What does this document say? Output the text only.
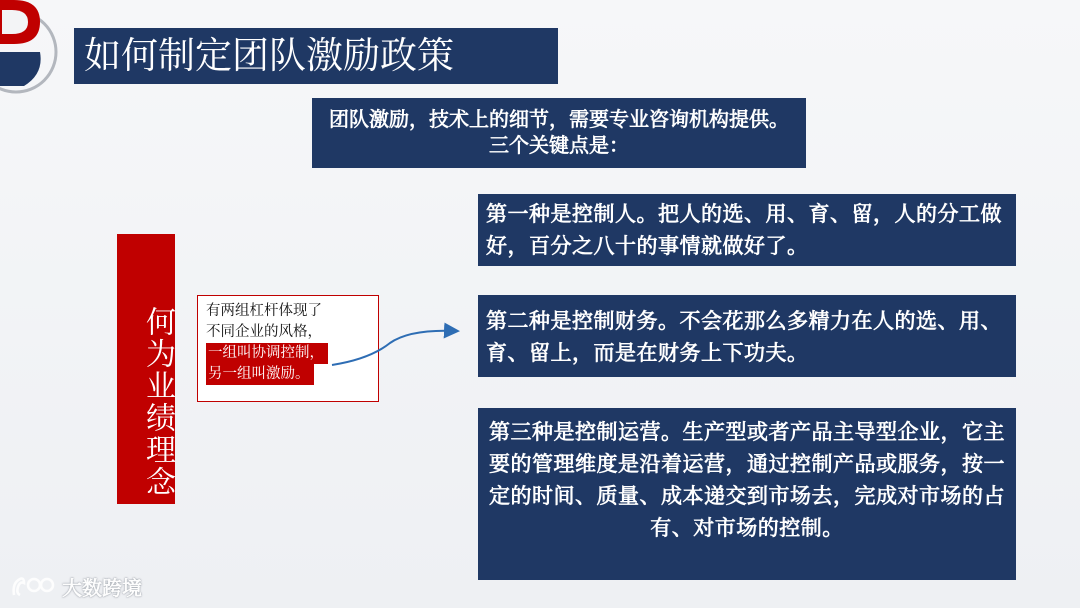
如何制定团队激励政策
团队激励，技术上的细节，需要专业咨询机构提供。三个关键点是：
第一种是控制人。把人的选、用、育、留，人的分工做好，百分之八十的事情就做好了。
第二种是控制财务。不会花那么多精力在人的选、用、育、留上，而是在财务上下功夫。
第三种是控制运营。生产型或者产品主导型企业，它主要的管理维度是沿着运营，通过控制产品或服务，按一定的时间、质量、成本递交到市场去，完成对市场的占有、对市场的控制。
何为业绩理念 有两组杠杆体现了
不同企业的风格，
一组叫协调控制，
另一组叫激励。
大数跨境
